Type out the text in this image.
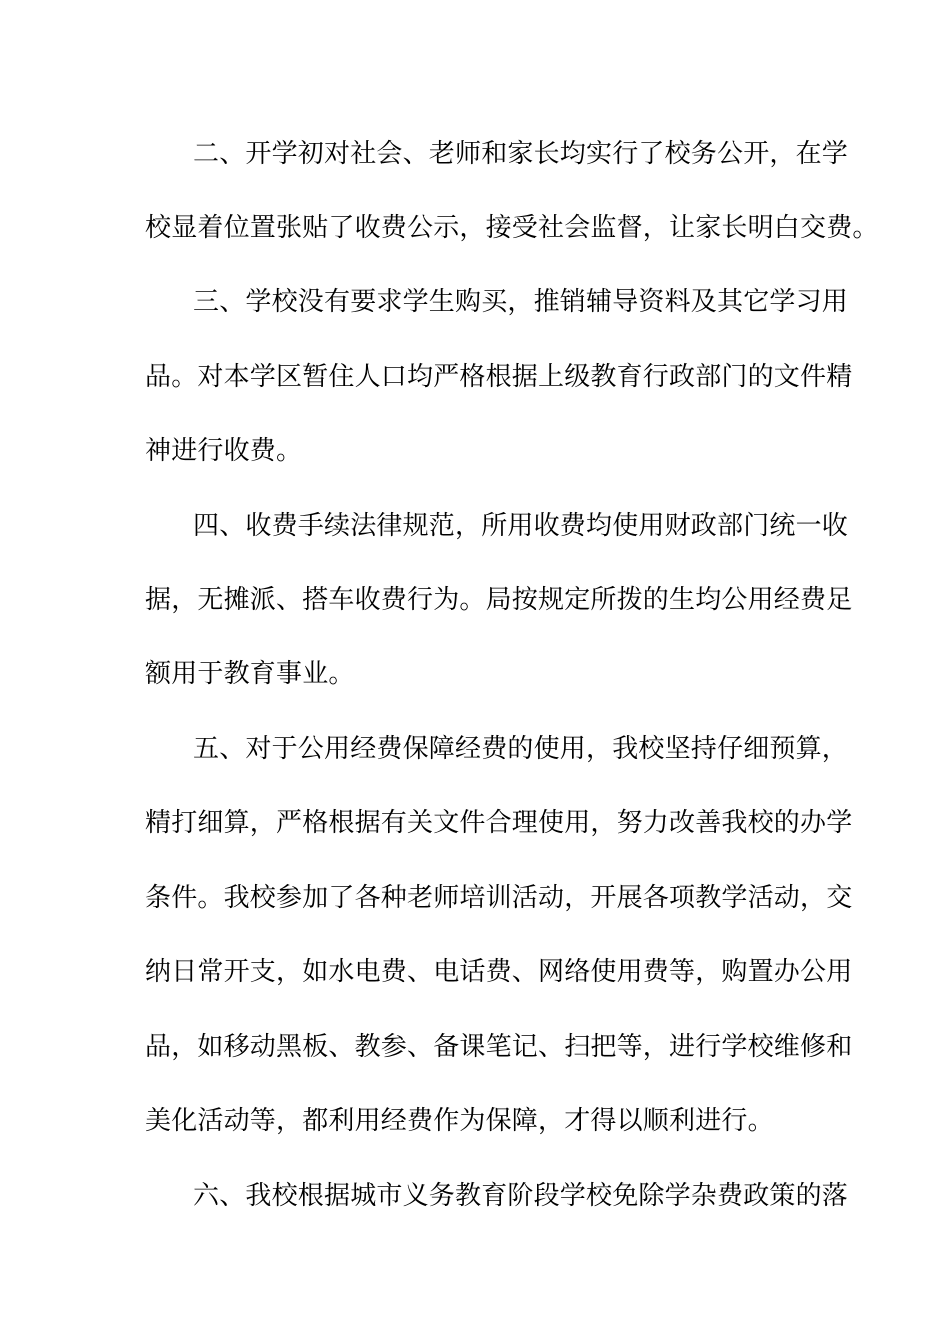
二、开学初对社会、老师和家长均实行了校务公开，在学
校显着位置张贴了收费公示，接受社会监督，让家长明白交费。
三、学校没有要求学生购买，推销辅导资料及其它学习用
品。对本学区暂住人口均严格根据上级教育行政部门的文件精
神进行收费。
四、收费手续法律规范，所用收费均使用财政部门统一收
据，无摊派、搭车收费行为。局按规定所拨的生均公用经费足
额用于教育事业。
五、对于公用经费保障经费的使用，我校坚持仔细预算，
精打细算，严格根据有关文件合理使用，努力改善我校的办学
条件。我校参加了各种老师培训活动，开展各项教学活动，交
纳日常开支，如水电费、电话费、网络使用费等，购置办公用
品，如移动黑板、教参、备课笔记、扫把等，进行学校维修和
美化活动等，都利用经费作为保障，才得以顺利进行。
六、我校根据城市义务教育阶段学校免除学杂费政策的落
